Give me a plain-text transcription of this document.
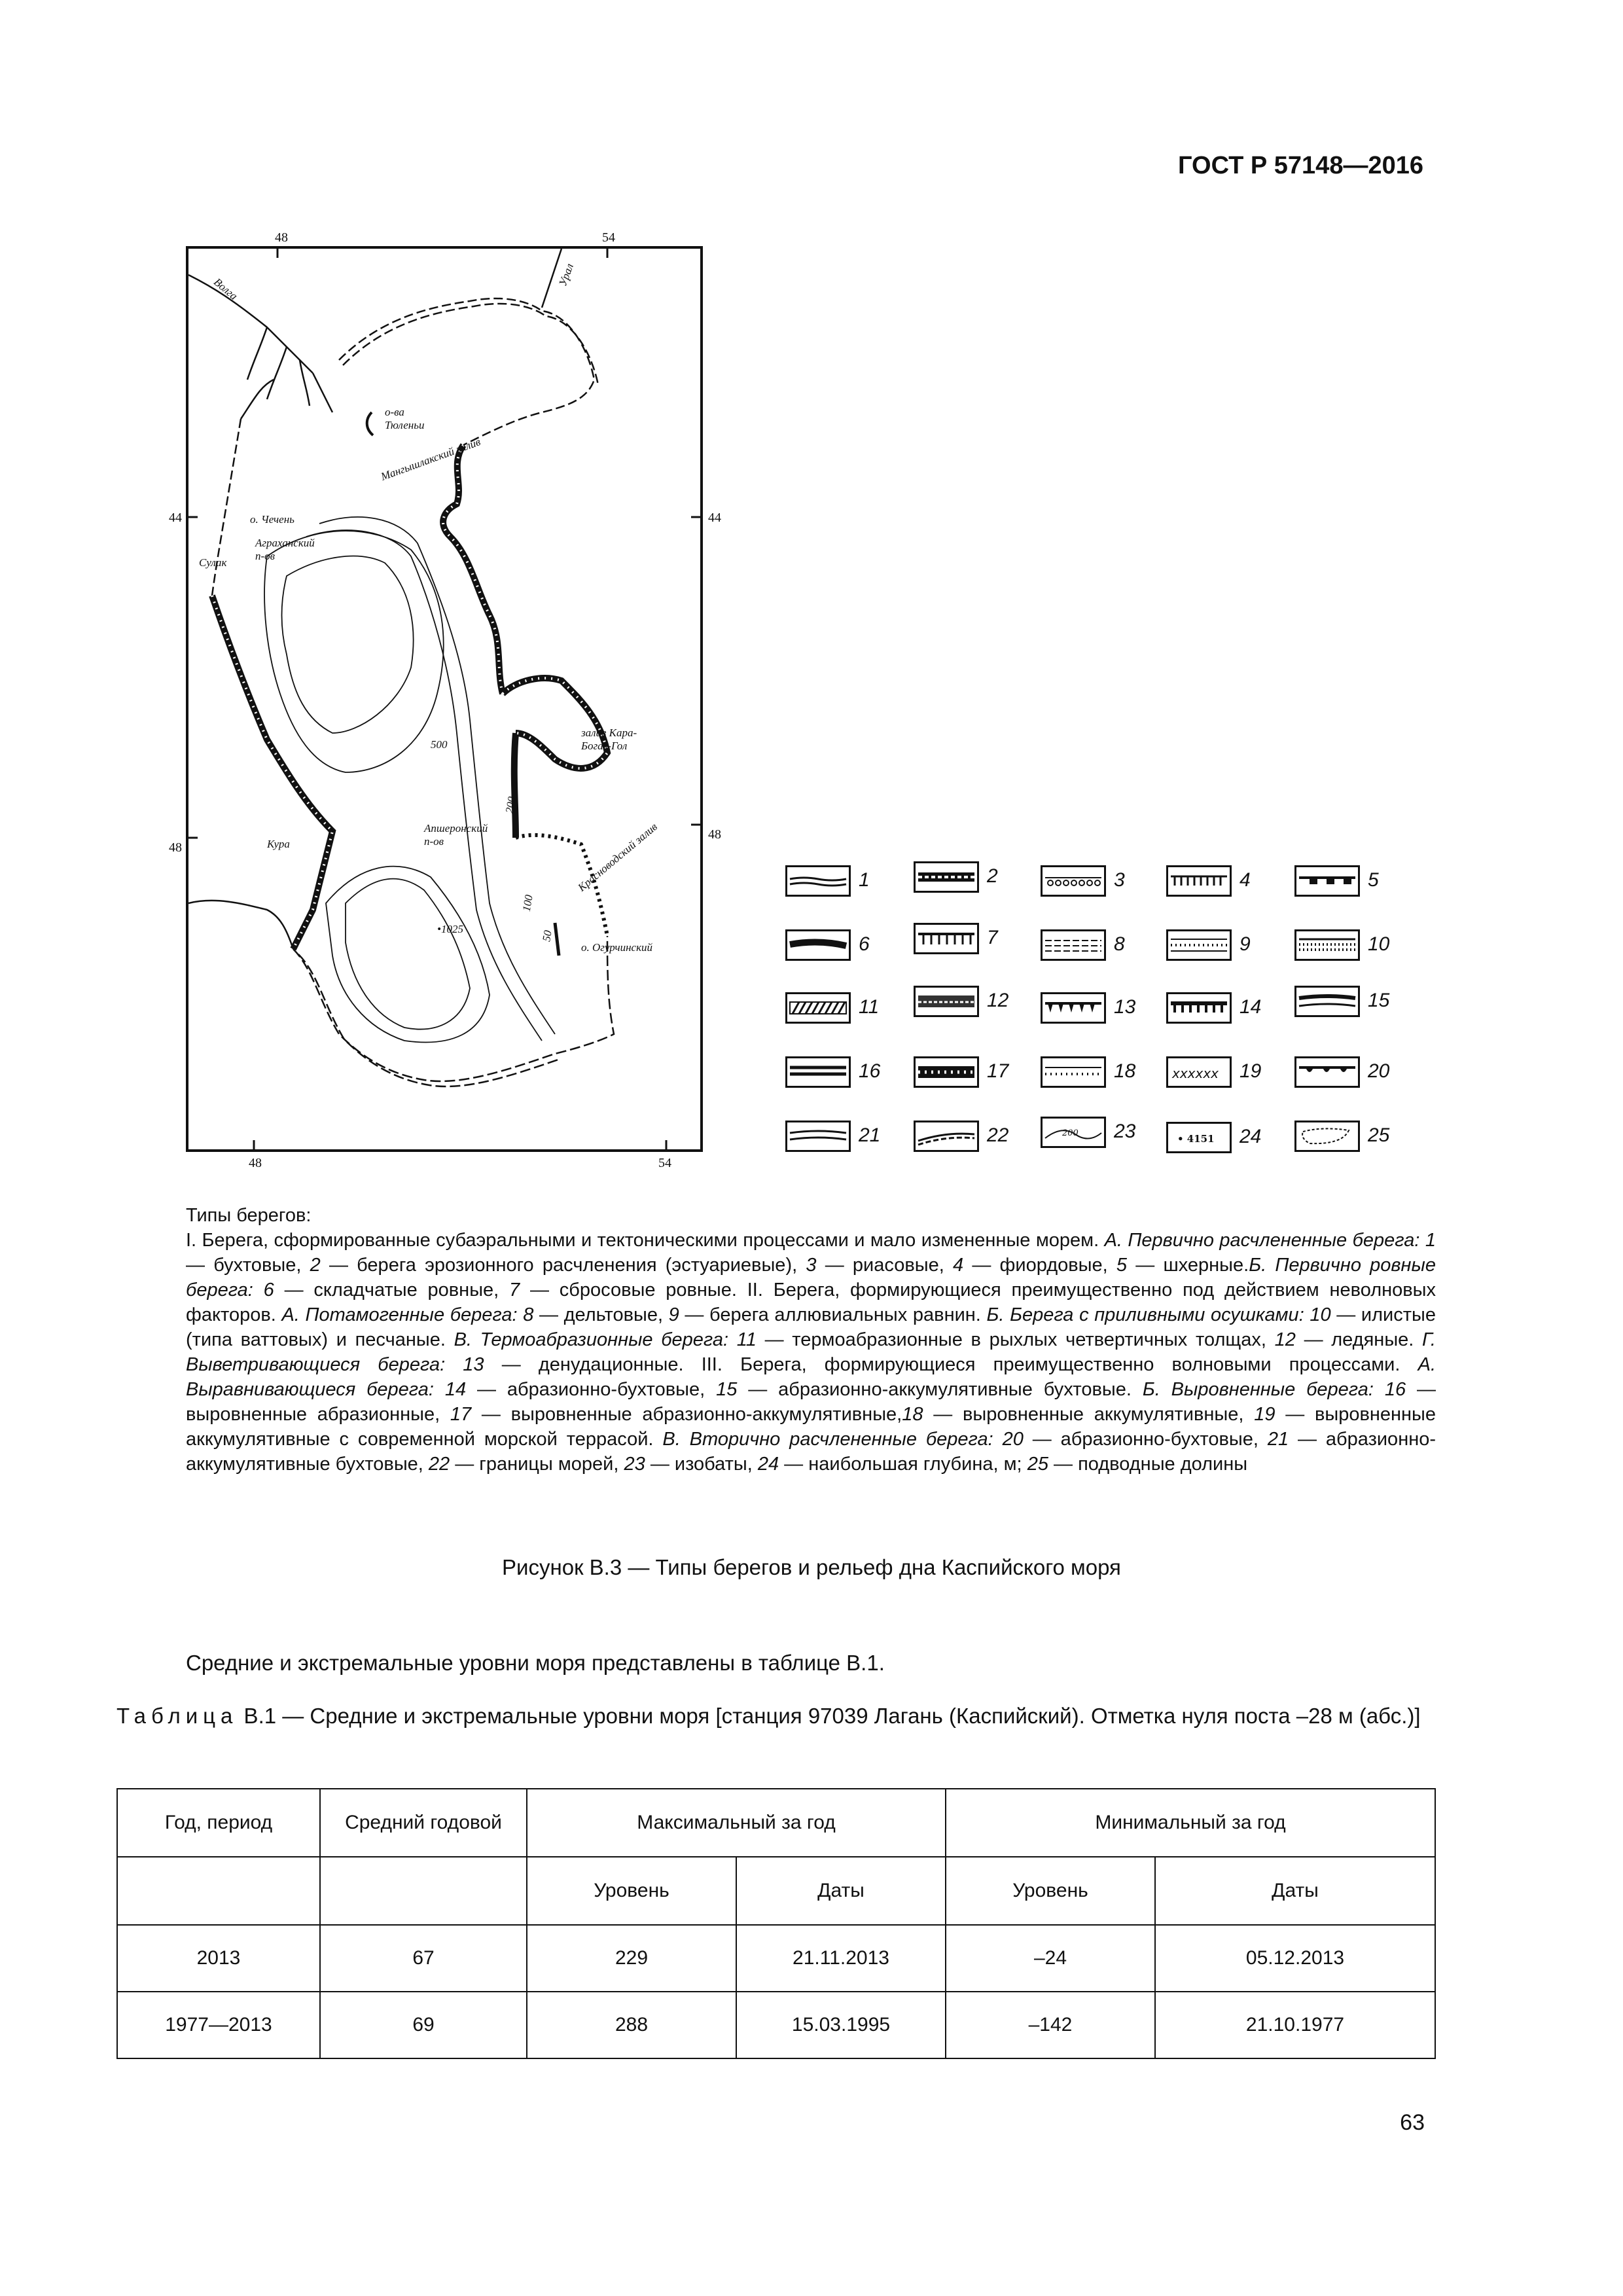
ГОСТ Р 57148—2016
48	54
44	44
48
48
48	54
Волга
Урал
о-ва Тюленьи
Мангышлакский залив
о. Чечень
Аграханский п-ов
Сулак
залив Кара-Богаз-Гол
Апшеронский п-ов
Кура	Красноводский залив
о. Огурчинский
•1025
500
200
100
50
1	2	3	4	5
6	7	8	9	10
11	12	13	14	15
16	17	18	xxxxxx 19	20
21	22	200 23	• 4151 24	25

Типы берегов:

I. Берега, сформированные субаэральными и тектоническими процессами и мало измененные морем. А. Первично расчлененные берега: 1 — бухтовые, 2 — берега эрозионного расчленения (эстуариевые), 3 — риасовые, 4 — фиордовые, 5 — шхерные.Б. Первично ровные берега: 6 — складчатые ровные, 7 — сбросовые ровные. II. Берега, формирующиеся преимущественно под действием неволновых факторов. А. Потамогенные берега: 8 — дельтовые, 9 — берега аллювиальных равнин. Б. Берега с приливными осушками: 10 — илистые (типа ваттовых) и песчаные. В. Термоабразионные берега: 11 — термоабразионные в рыхлых четвертичных толщах, 12 — ледяные. Г. Выветривающиеся берега: 13 — денудационные. III. Берега, формирующиеся преимущественно волновыми процессами. А. Выравнивающиеся берега: 14 — абразионно-бухтовые, 15 — абразионно-аккумулятивные бухтовые. Б. Выровненные берега: 16 — выровненные абразионные, 17 — выровненные абразионно-аккумулятивные,18 — выровненные аккумулятивные, 19 — выровненные аккумулятивные с современной морской террасой. В. Вторично расчлененные берега: 20 — абразионно-бухтовые, 21 — абразионно-аккумулятивные бухтовые, 22 — границы морей, 23 — изобаты, 24 — наибольшая глубина, м; 25 — подводные долины

Рисунок В.3 — Типы берегов и рельеф дна Каспийского моря
Средние и экстремальные уровни моря представлены в таблице В.1.
Таблица В.1 — Средние и экстремальные уровни моря [станция 97039 Лагань (Каспийский). Отметка нуля поста –28 м (абс.)]
Год, период	Средний годовой	Максимальный за год		Минимальный за год	
		Уровень	Даты	Уровень	Даты
2013	67	229	21.11.2013	–24	05.12.2013
1977—2013	69	288	15.03.1995	–142	21.10.1977
63
